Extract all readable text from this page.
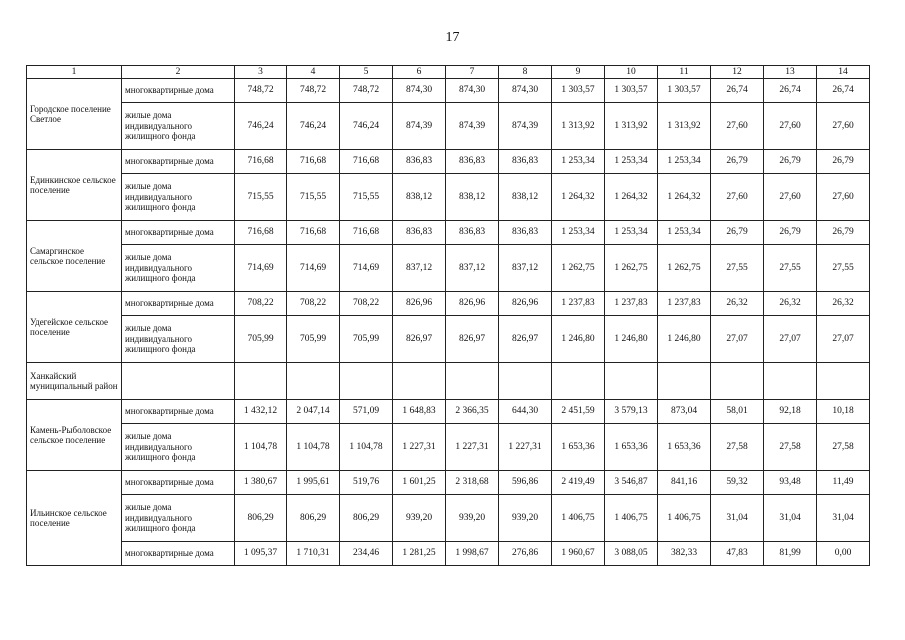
17
1	2	3	4	5	6	7	8	9	10	11	12	13	14
Городское поселение Светлое	многоквартирные дома	748,72	748,72	748,72	874,30	874,30	874,30	1 303,57	1 303,57	1 303,57	26,74	26,74	26,74
	жилые дома индивидуального жилищного фонда	746,24	746,24	746,24	874,39	874,39	874,39	1 313,92	1 313,92	1 313,92	27,60	27,60	27,60
Единкинское сельское поселение	многоквартирные дома	716,68	716,68	716,68	836,83	836,83	836,83	1 253,34	1 253,34	1 253,34	26,79	26,79	26,79
	жилые дома индивидуального жилищного фонда	715,55	715,55	715,55	838,12	838,12	838,12	1 264,32	1 264,32	1 264,32	27,60	27,60	27,60
Самаргинское сельское поселение	многоквартирные дома	716,68	716,68	716,68	836,83	836,83	836,83	1 253,34	1 253,34	1 253,34	26,79	26,79	26,79
	жилые дома индивидуального жилищного фонда	714,69	714,69	714,69	837,12	837,12	837,12	1 262,75	1 262,75	1 262,75	27,55	27,55	27,55
Удегейское сельское поселение	многоквартирные дома	708,22	708,22	708,22	826,96	826,96	826,96	1 237,83	1 237,83	1 237,83	26,32	26,32	26,32
	жилые дома индивидуального жилищного фонда	705,99	705,99	705,99	826,97	826,97	826,97	1 246,80	1 246,80	1 246,80	27,07	27,07	27,07
Ханкайский муниципальный район													
Камень-Рыболовское сельское поселение	многоквартирные дома	1 432,12	2 047,14	571,09	1 648,83	2 366,35	644,30	2 451,59	3 579,13	873,04	58,01	92,18	10,18
	жилые дома индивидуального жилищного фонда	1 104,78	1 104,78	1 104,78	1 227,31	1 227,31	1 227,31	1 653,36	1 653,36	1 653,36	27,58	27,58	27,58
Ильинское сельское поселение	многоквартирные дома	1 380,67	1 995,61	519,76	1 601,25	2 318,68	596,86	2 419,49	3 546,87	841,16	59,32	93,48	11,49
	жилые дома индивидуального жилищного фонда	806,29	806,29	806,29	939,20	939,20	939,20	1 406,75	1 406,75	1 406,75	31,04	31,04	31,04
	многоквартирные дома	1 095,37	1 710,31	234,46	1 281,25	1 998,67	276,86	1 960,67	3 088,05	382,33	47,83	81,99	0,00
